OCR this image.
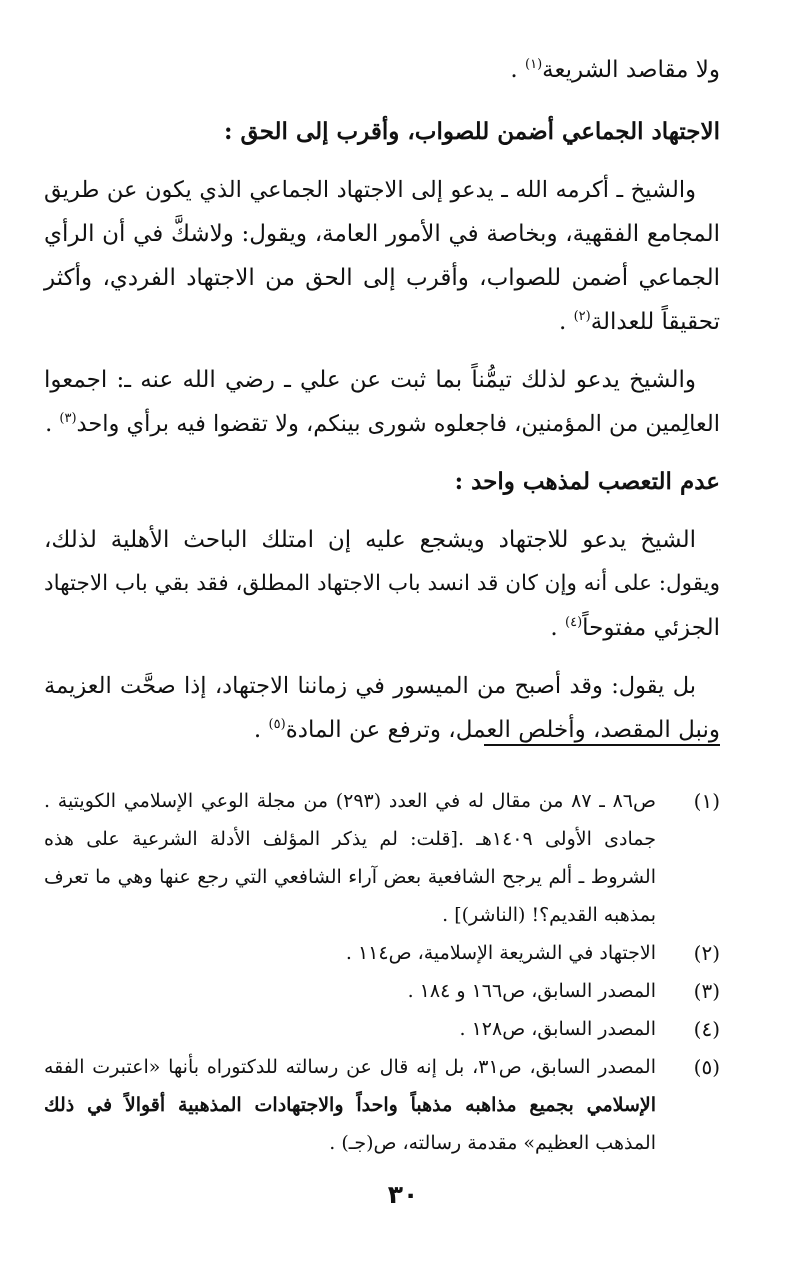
ولا مقاصد الشريعة$^{(١)}$ .
الاجتهاد الجماعي أضمن للصواب، وأقرب إلى الحق :
والشيخ ـ أكرمه الله ـ يدعو إلى الاجتهاد الجماعي الذي يكون عن طريق
المجامع الفقهية، وبخاصة في الأمور العامة، ويقول: ولاشكَّ في أن الرأي
الجماعي أضمن للصواب، وأقرب إلى الحق من الاجتهاد الفردي، وأكثر
تحقيقاً للعدالة$^{(٢)}$ .
والشيخ يدعو لذلك تيمُّناً بما ثبت عن علي ـ رضي الله عنه ـ: اجمعوا
العالِمين من المؤمنين، فاجعلوه شورى بينكم، ولا تقضوا فيه برأي واحد$^{(٣)}$ .
عدم التعصب لمذهب واحد :
الشيخ يدعو للاجتهاد ويشجع عليه إن امتلك الباحث الأهلية لذلك،
ويقول: على أنه وإن كان قد انسد باب الاجتهاد المطلق، فقد بقي باب الاجتهاد
الجزئي مفتوحاً$^{(٤)}$ .
بل يقول: وقد أصبح من الميسور في زماننا الاجتهاد، إذا صحَّت العزيمة
ونبل المقصد، وأخلص العمل، وترفع عن المادة$^{(٥)}$ .
(١)
ص٨٦ ـ ٨٧ من مقال له في العدد (٢٩٣) من مجلة الوعي الإسلامي الكويتية .
جمادى الأولى ١٤٠٩هـ .[قلت: لم يذكر المؤلف الأدلة الشرعية على هذه
الشروط ـ ألم يرجح الشافعية بعض آراء الشافعي التي رجع عنها وهي ما تعرف
بمذهبه القديم؟! (الناشر)] .
(٢)
الاجتهاد في الشريعة الإسلامية، ص١١٤ .
(٣)
المصدر السابق، ص١٦٦ و ١٨٤ .
(٤)
المصدر السابق، ص١٢٨ .
(٥)
المصدر السابق، ص٣١، بل إنه قال عن رسالته للدكتوراه بأنها «اعتبرت الفقه
الإسلامي بجميع مذاهبه مذهباً واحداً والاجتهادات المذهبية أقوالاً في ذلك
المذهب العظيم» مقدمة رسالته، ص(جـ) .
٣٠
